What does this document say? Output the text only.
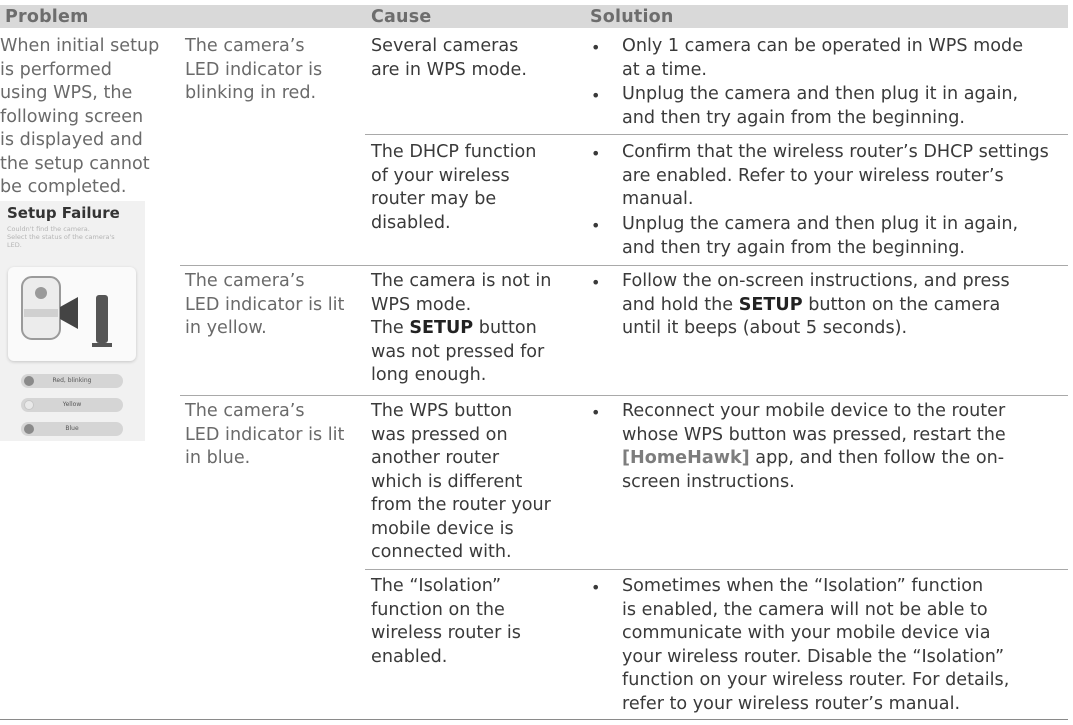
Problem	Cause	Solution
When initial setup
is performed
using WPS, the
following screen
is displayed and
the setup cannot
be completed.
Setup Failure
Couldn't find the camera.
Select the status of the camera's
LED.
Red, blinking
Yellow
Blue
The camera’s
LED indicator is
blinking in red.
The camera’s
LED indicator is lit
in yellow.
The camera’s
LED indicator is lit
in blue.
Several cameras
are in WPS mode.
• Only 1 camera can be operated in WPS mode
at a time.
• Unplug the camera and then plug it in again,
and then try again from the beginning.
The DHCP function
of your wireless
router may be
disabled.
• Confirm that the wireless router’s DHCP settings
are enabled. Refer to your wireless router’s
manual.
• Unplug the camera and then plug it in again,
and then try again from the beginning.
The camera is not in
WPS mode.
The SETUP button
was not pressed for
long enough.
• Follow the on-screen instructions, and press
and hold the SETUP button on the camera
until it beeps (about 5 seconds).
The WPS button
was pressed on
another router
which is different
from the router your
mobile device is
connected with.
• Reconnect your mobile device to the router
whose WPS button was pressed, restart the
[HomeHawk] app, and then follow the on-
screen instructions.
The “Isolation”
function on the
wireless router is
enabled.
• Sometimes when the “Isolation” function
is enabled, the camera will not be able to
communicate with your mobile device via
your wireless router. Disable the “Isolation”
function on your wireless router. For details,
refer to your wireless router’s manual.
